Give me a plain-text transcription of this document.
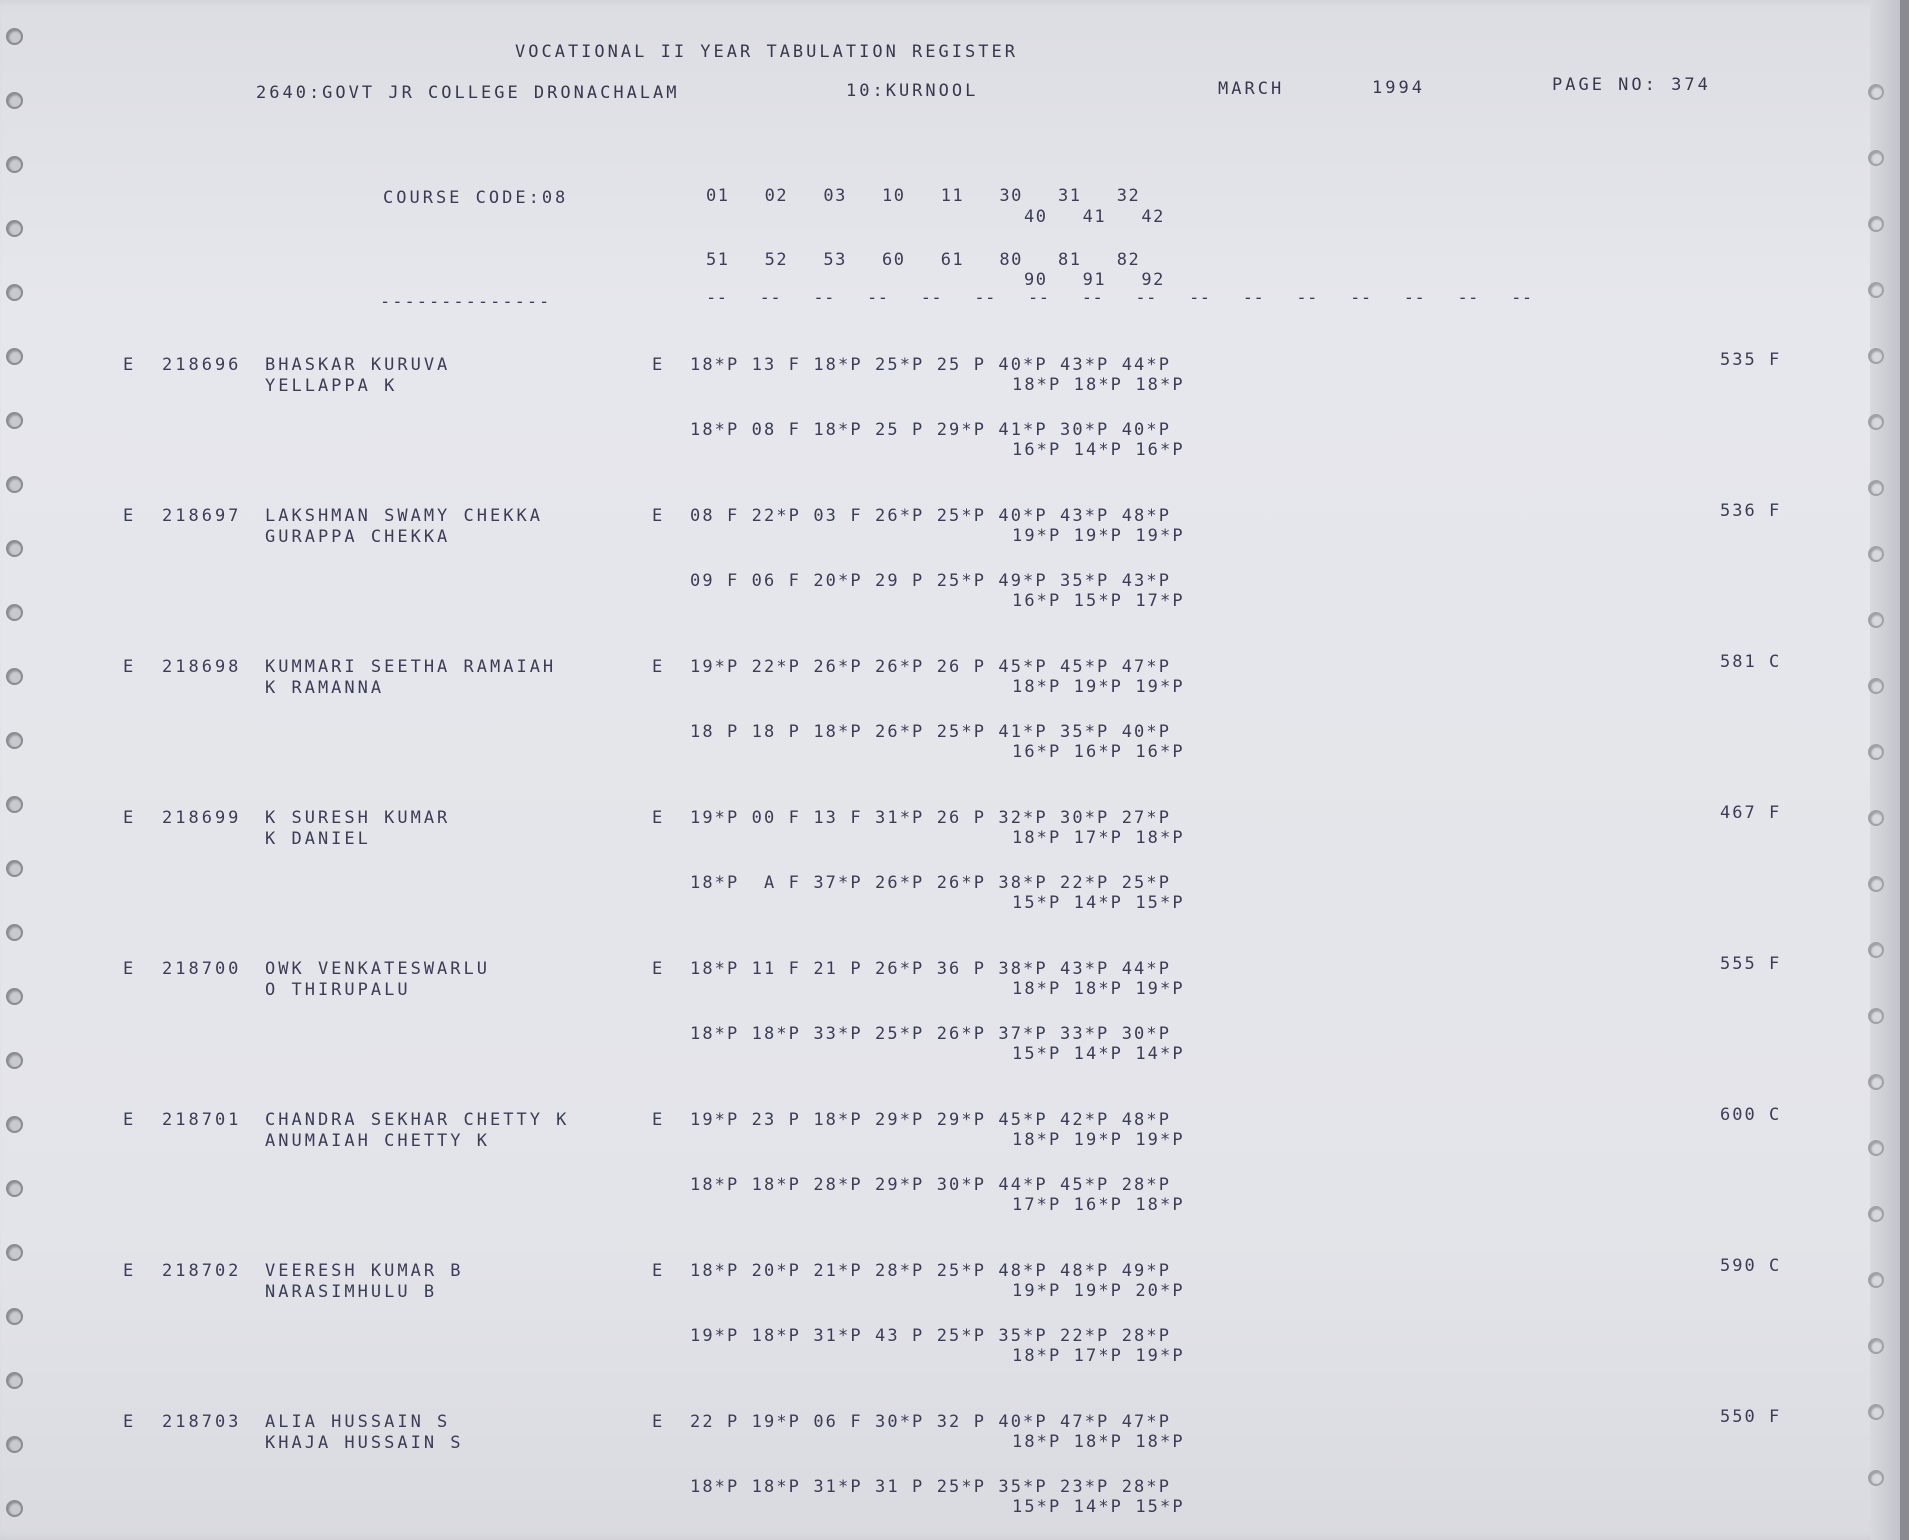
VOCATIONAL II YEAR TABULATION REGISTER
2640:GOVT JR COLLEGE DRONACHALAM	10:KURNOOL	MARCH	1994	PAGE NO: 374
COURSE CODE:08	01   02   03   10   11   30   31   32
40   41   42
51   52   53   60   61   80   81   82
90   91   92
--------------	--   --   --   --   --   --   --   --   --   --   --   --   --   --   --   --
E 218696 BHASKAR KURUVA
YELLAPPA K
E 18*P 13 F 18*P 25*P 25 P 40*P 43*P 44*P
18*P 18*P 18*P
18*P 08 F 18*P 25 P 29*P 41*P 30*P 40*P
16*P 14*P 16*P
535 F
E 218697 LAKSHMAN SWAMY CHEKKA
GURAPPA CHEKKA
E 08 F 22*P 03 F 26*P 25*P 40*P 43*P 48*P
19*P 19*P 19*P
09 F 06 F 20*P 29 P 25*P 49*P 35*P 43*P
16*P 15*P 17*P
536 F
E 218698 KUMMARI SEETHA RAMAIAH
K RAMANNA
E 19*P 22*P 26*P 26*P 26 P 45*P 45*P 47*P
18*P 19*P 19*P
18 P 18 P 18*P 26*P 25*P 41*P 35*P 40*P
16*P 16*P 16*P
581 C
E 218699 K SURESH KUMAR
K DANIEL
E 19*P 00 F 13 F 31*P 26 P 32*P 30*P 27*P
18*P 17*P 18*P
18*P  A F 37*P 26*P 26*P 38*P 22*P 25*P
15*P 14*P 15*P
467 F
E 218700 OWK VENKATESWARLU
O THIRUPALU
E 18*P 11 F 21 P 26*P 36 P 38*P 43*P 44*P
18*P 18*P 19*P
18*P 18*P 33*P 25*P 26*P 37*P 33*P 30*P
15*P 14*P 14*P
555 F
E 218701 CHANDRA SEKHAR CHETTY K
ANUMAIAH CHETTY K
E 19*P 23 P 18*P 29*P 29*P 45*P 42*P 48*P
18*P 19*P 19*P
18*P 18*P 28*P 29*P 30*P 44*P 45*P 28*P
17*P 16*P 18*P
600 C
E 218702 VEERESH KUMAR B
NARASIMHULU B
E 18*P 20*P 21*P 28*P 25*P 48*P 48*P 49*P
19*P 19*P 20*P
19*P 18*P 31*P 43 P 25*P 35*P 22*P 28*P
18*P 17*P 19*P
590 C
E 218703 ALIA HUSSAIN S
KHAJA HUSSAIN S
E 22 P 19*P 06 F 30*P 32 P 40*P 47*P 47*P
18*P 18*P 18*P
18*P 18*P 31*P 31 P 25*P 35*P 23*P 28*P
15*P 14*P 15*P
550 F
